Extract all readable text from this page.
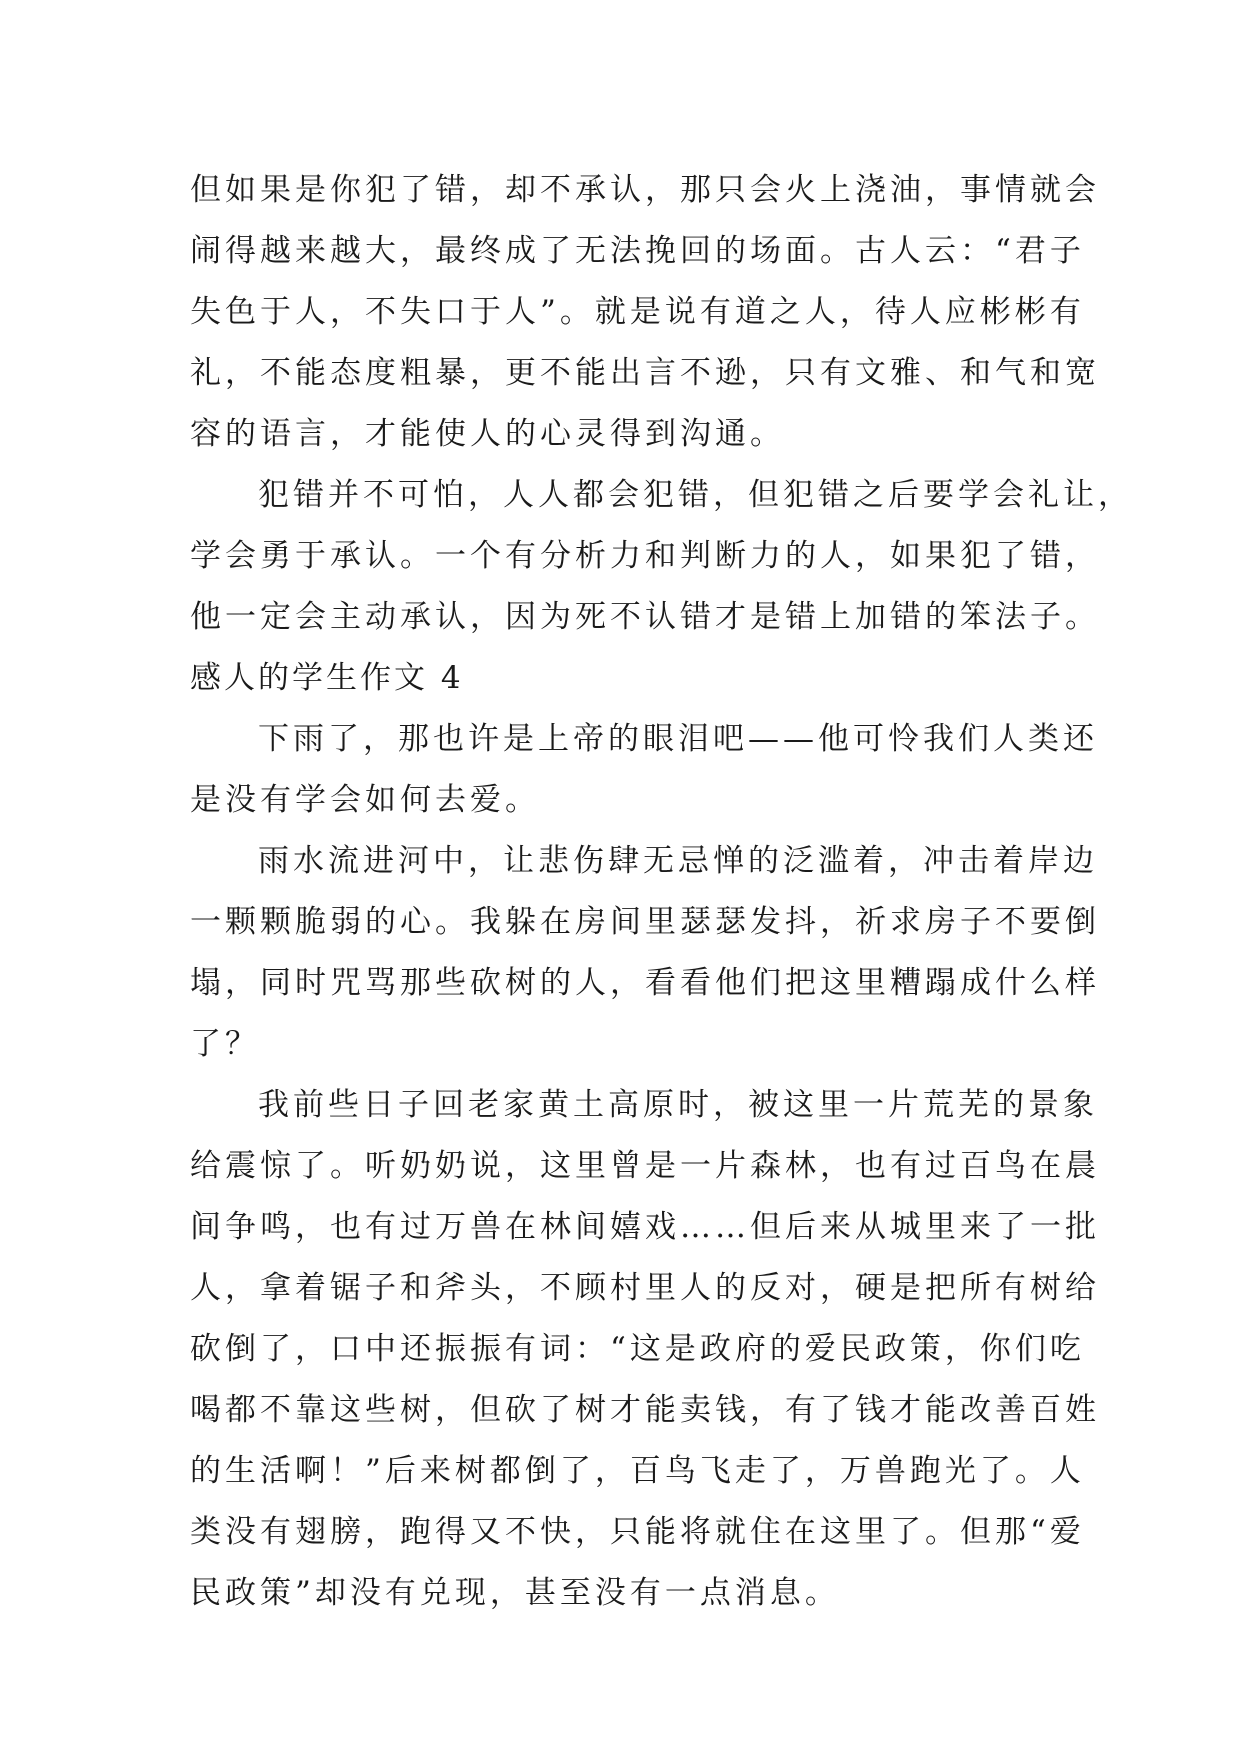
但如果是你犯了错，却不承认，那只会火上浇油，事情就会
闹得越来越大，最终成了无法挽回的场面。古人云：“君子
失色于人，不失口于人”。就是说有道之人，待人应彬彬有
礼，不能态度粗暴，更不能出言不逊，只有文雅、和气和宽
容的语言，才能使人的心灵得到沟通。
犯错并不可怕，人人都会犯错，但犯错之后要学会礼让，
学会勇于承认。一个有分析力和判断力的人，如果犯了错，
他一定会主动承认，因为死不认错才是错上加错的笨法子。
感人的学生作文 4
下雨了，那也许是上帝的眼泪吧——他可怜我们人类还
是没有学会如何去爱。
雨水流进河中，让悲伤肆无忌惮的泛滥着，冲击着岸边
一颗颗脆弱的心。我躲在房间里瑟瑟发抖，祈求房子不要倒
塌，同时咒骂那些砍树的人，看看他们把这里糟蹋成什么样
了？
我前些日子回老家黄土高原时，被这里一片荒芜的景象
给震惊了。听奶奶说，这里曾是一片森林，也有过百鸟在晨
间争鸣，也有过万兽在林间嬉戏……但后来从城里来了一批
人，拿着锯子和斧头，不顾村里人的反对，硬是把所有树给
砍倒了，口中还振振有词：“这是政府的爱民政策，你们吃
喝都不靠这些树，但砍了树才能卖钱，有了钱才能改善百姓
的生活啊！”后来树都倒了，百鸟飞走了，万兽跑光了。人
类没有翅膀，跑得又不快，只能将就住在这里了。但那“爱
民政策”却没有兑现，甚至没有一点消息。
